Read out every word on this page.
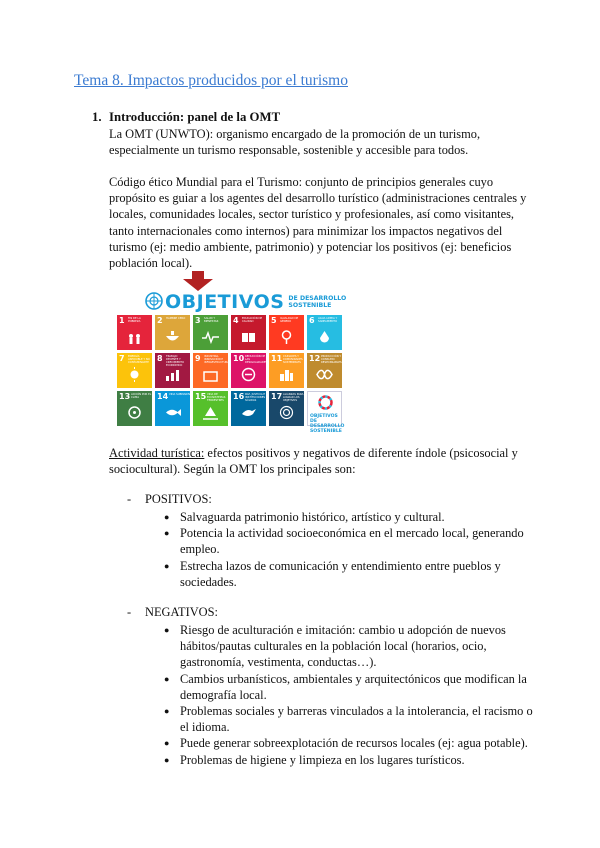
Tema 8. Impactos producidos por el turismo
1. Introducción: panel de la OMT

La OMT (UNWTO): organismo encargado de la promoción de un turismo, especialmente un turismo responsable, sostenible y accesible para todos.

Código ético Mundial para el Turismo: conjunto de principios generales cuyo propósito es guiar a los agentes del desarrollo turístico (administraciones centrales y locales, comunidades locales, sector turístico y profesionales, así como visitantes, tanto internacionales como internos) para minimizar los impactos negativos del turismo (ej: medio ambiente, patrimonio) y potenciar los positivos (ej: beneficios población local).

OBJETIVOS DE DESARROLLO
SOSTENIBLE
1 FIN DE LA POBREZA	2 HAMBRE CERO	3 SALUD Y BIENESTAR	4 EDUCACIÓN DE CALIDAD	5 IGUALDAD DE GÉNERO	6 AGUA LIMPIA Y SANEAMIENTO
7 ENERGÍA ASEQUIBLE Y NO CONTAMINANTE 8 TRABAJO DECENTE Y CRECIMIENTO ECONÓMICO
9 INDUSTRIA, INNOVACIÓN E INFRAESTRUCTURA 10 REDUCCIÓN DE LAS DESIGUALDADES 11 CIUDADES Y COMUNIDADES SOSTENIBLES	12 PRODUCCIÓN Y CONSUMO RESPONSABLES
13 ACCIÓN POR EL CLIMA	14 VIDA SUBMARINA 15 VIDA DE ECOSISTEMAS TERRESTRES	16 PAZ, JUSTICIA E INSTITUCIONES SÓLIDAS	17 ALIANZAS PARA LOGRAR LOS OBJETIVOS
OBJETIVOS
DE DESARROLLO
SOSTENIBLE

Actividad turística: efectos positivos y negativos de diferente índole (psicosocial y sociocultural). Según la OMT los principales son:

- POSITIVOS:
● Salvaguarda patrimonio histórico, artístico y cultural.
● Potencia la actividad socioeconómica en el mercado local, generando empleo.
● Estrecha lazos de comunicación y entendimiento entre pueblos y sociedades.
- NEGATIVOS:
● Riesgo de aculturación e imitación: cambio u adopción de nuevos hábitos/pautas culturales en la población local (horarios, ocio, gastronomía, vestimenta, conductas…).
● Cambios urbanísticos, ambientales y arquitectónicos que modifican la demografía local.
● Problemas sociales y barreras vinculados a la intolerancia, el racismo o el idioma.
● Puede generar sobreexplotación de recursos locales (ej: agua potable).
● Problemas de higiene y limpieza en los lugares turísticos.
